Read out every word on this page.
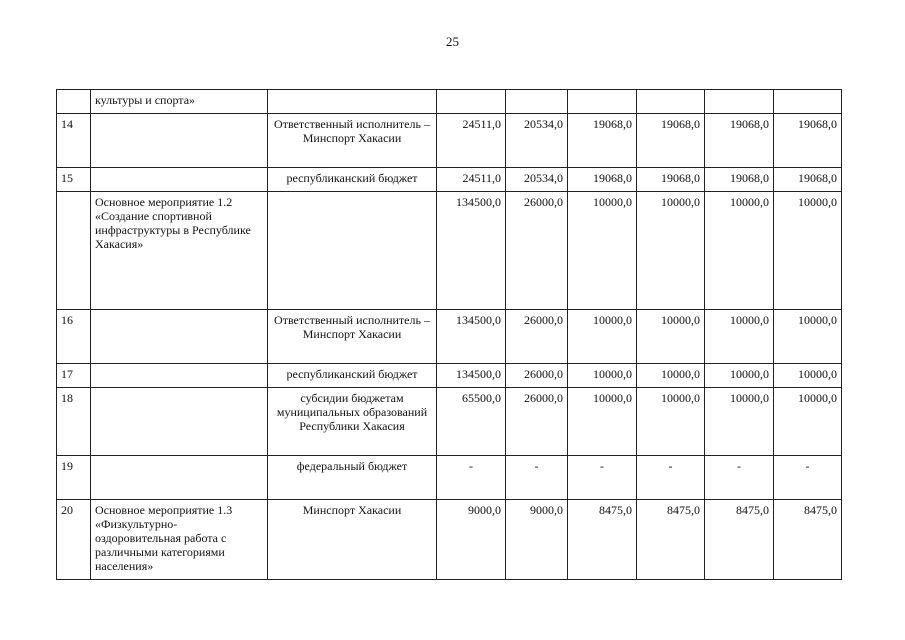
25
	культуры и спорта»							
14		Ответственный исполнитель – Минспорт Хакасии	24511,0	20534,0	19068,0	19068,0	19068,0	19068,0
15		республиканский бюджет	24511,0	20534,0	19068,0	19068,0	19068,0	19068,0
	Основное мероприятие 1.2 «Создание спортивной инфраструктуры в Республике Хакасия»		134500,0	26000,0	10000,0	10000,0	10000,0	10000,0
16		Ответственный исполнитель – Минспорт Хакасии	134500,0	26000,0	10000,0	10000,0	10000,0	10000,0
17		республиканский бюджет	134500,0	26000,0	10000,0	10000,0	10000,0	10000,0
18		субсидии бюджетам муниципальных образований Республики Хакасия	65500,0	26000,0	10000,0	10000,0	10000,0	10000,0
19		федеральный бюджет	-	-	-	-	-	-
20	Основное мероприятие 1.3 «Физкультурно-оздоровительная работа с различными категориями населения»	Минспорт Хакасии	9000,0	9000,0	8475,0	8475,0	8475,0	8475,0
